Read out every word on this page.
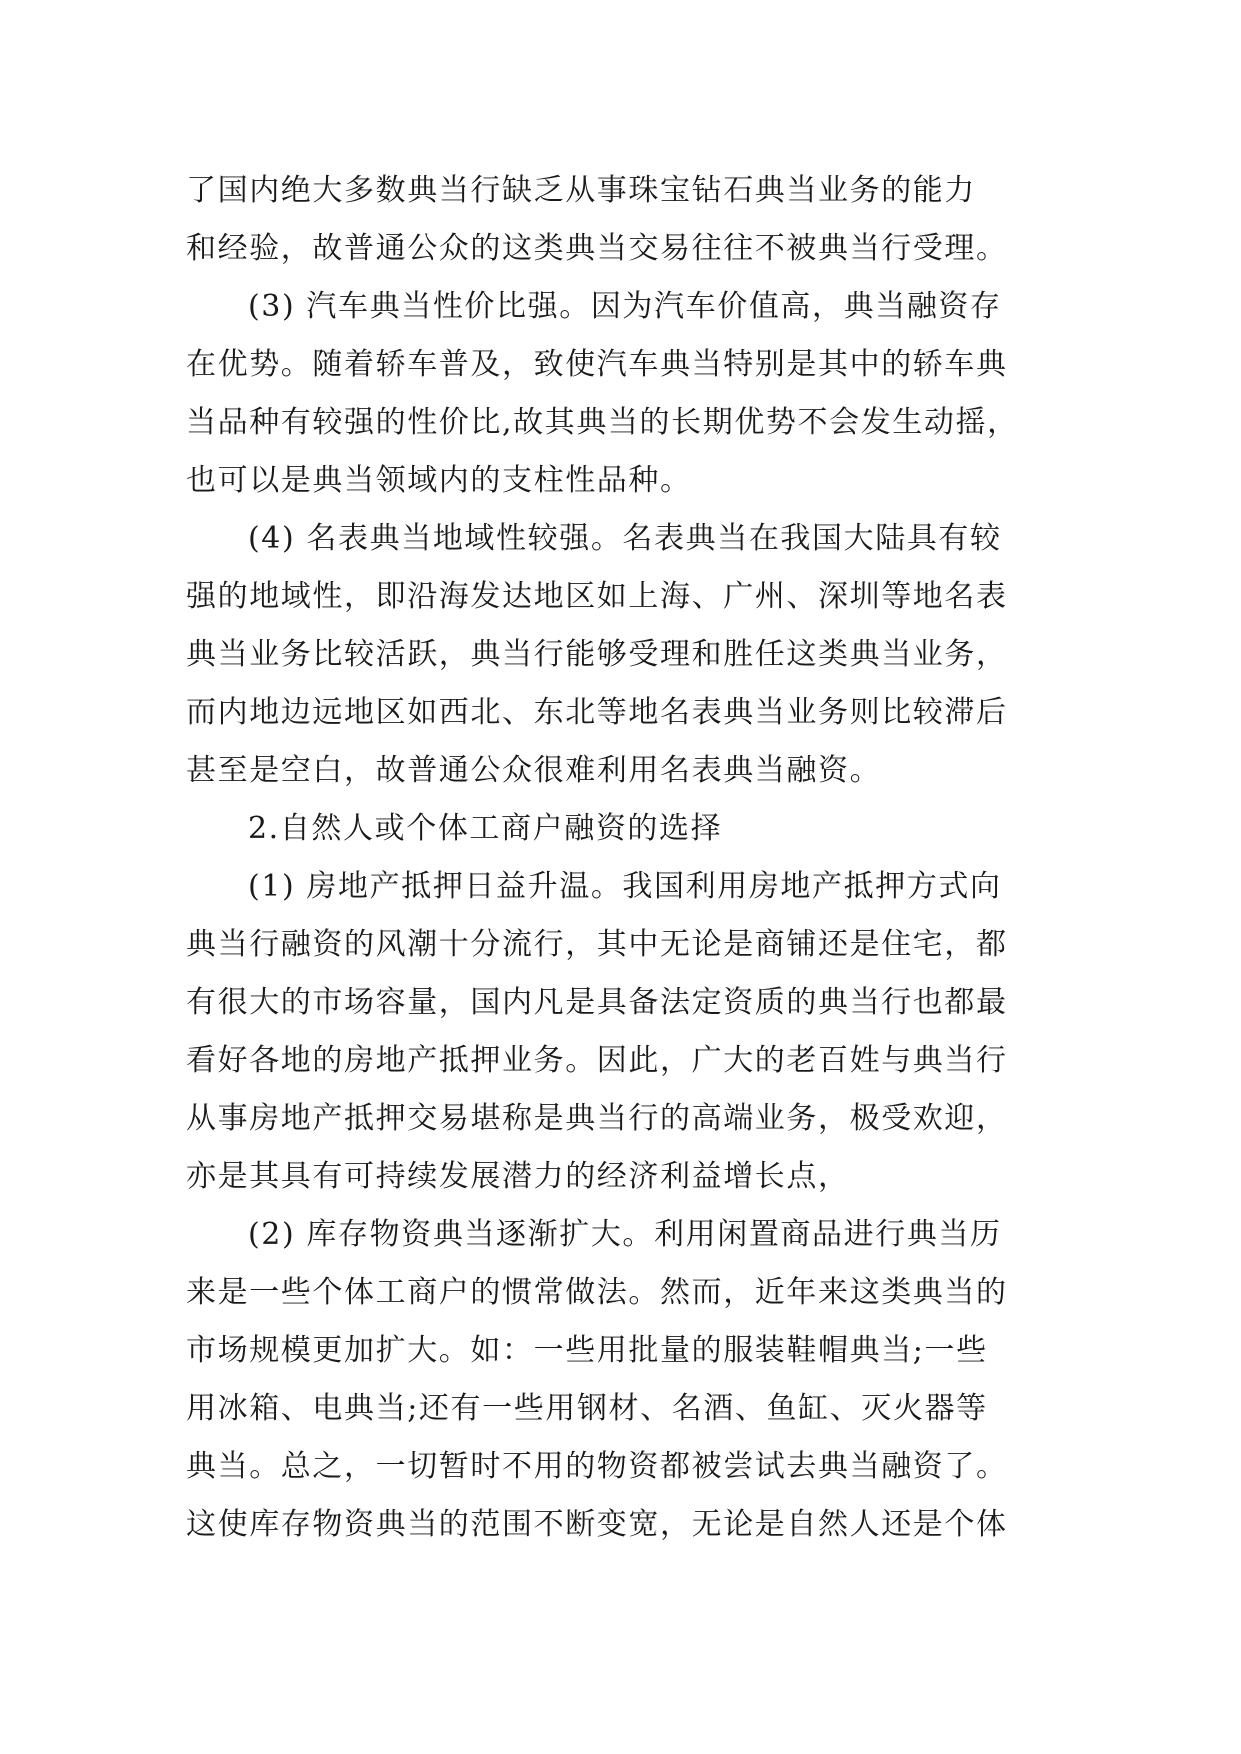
了国内绝大多数典当行缺乏从事珠宝钻石典当业务的能力
和经验，故普通公众的这类典当交易往往不被典当行受理。
(3) 汽车典当性价比强。因为汽车价值高，典当融资存
在优势。随着轿车普及，致使汽车典当特别是其中的轿车典
当品种有较强的性价比,故其典当的长期优势不会发生动摇，
也可以是典当领域内的支柱性品种。
(4) 名表典当地域性较强。名表典当在我国大陆具有较
强的地域性，即沿海发达地区如上海、广州、深圳等地名表
典当业务比较活跃，典当行能够受理和胜任这类典当业务，
而内地边远地区如西北、东北等地名表典当业务则比较滞后
甚至是空白，故普通公众很难利用名表典当融资。
2.自然人或个体工商户融资的选择
(1) 房地产抵押日益升温。我国利用房地产抵押方式向
典当行融资的风潮十分流行，其中无论是商铺还是住宅，都
有很大的市场容量，国内凡是具备法定资质的典当行也都最
看好各地的房地产抵押业务。因此，广大的老百姓与典当行
从事房地产抵押交易堪称是典当行的高端业务，极受欢迎，
亦是其具有可持续发展潜力的经济利益增长点，
(2) 库存物资典当逐渐扩大。利用闲置商品进行典当历
来是一些个体工商户的惯常做法。然而，近年来这类典当的
市场规模更加扩大。如：一些用批量的服装鞋帽典当;一些
用冰箱、电典当;还有一些用钢材、名酒、鱼缸、灭火器等
典当。总之，一切暂时不用的物资都被尝试去典当融资了。
这使库存物资典当的范围不断变宽，无论是自然人还是个体
